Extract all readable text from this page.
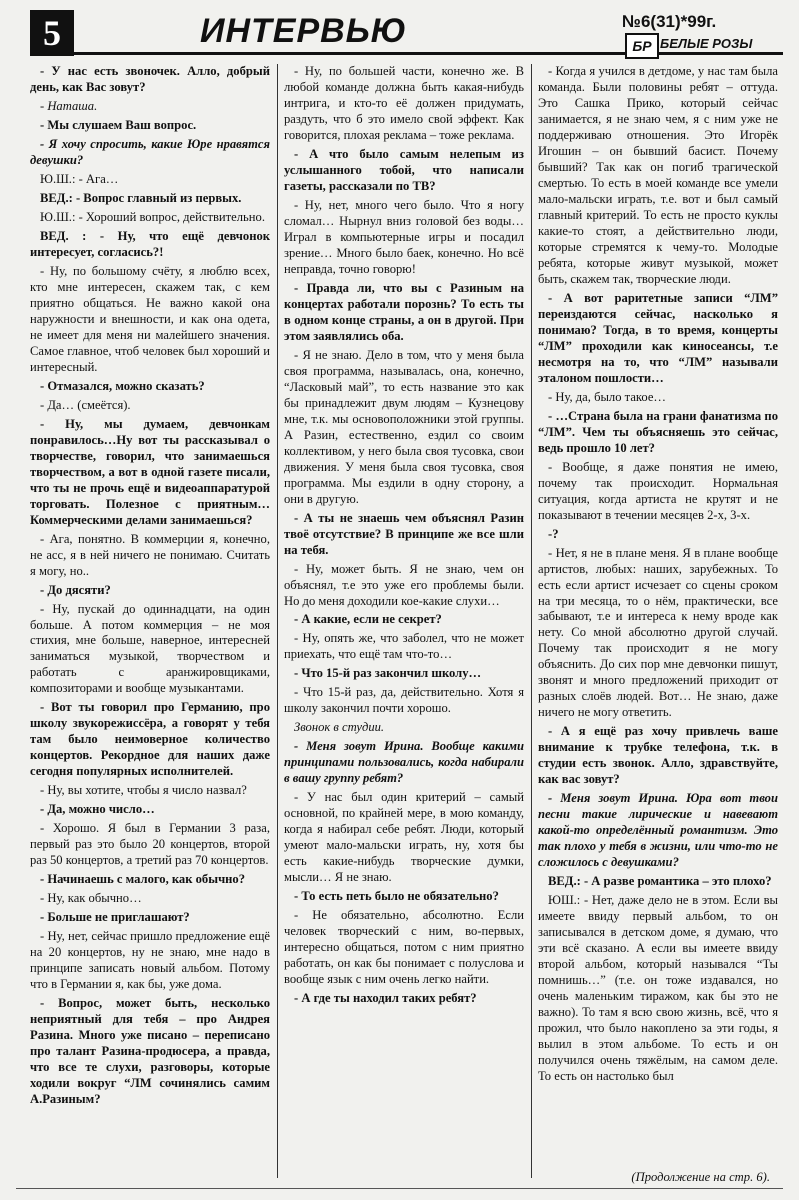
5	ИНТЕРВЬЮ	№6(31)*99г.
БР БЕЛЫЕ РОЗЫ

- У нас есть звоночек. Алло, добрый день, как Вас зовут?

- Наташа.

- Мы слушаем Ваш вопрос.

- Я хочу спросить, какие Юре нравятся девушки?

Ю.Ш.: - Ага…

ВЕД.: - Вопрос главный из первых.

Ю.Ш.: - Хороший вопрос, действительно.

ВЕД. : - Ну, что ещё девчонок интересует, согласись?!

- Ну, по большому счёту, я люблю всех, кто мне интересен, скажем так, с кем приятно общаться. Не важно какой она наружности и внешности, и как она одета, не имеет для меня ни малейшего значения. Самое главное, чтоб человек был хороший и интересный.

- Отмазался, можно сказать?

- Да… (смеётся).

- Ну, мы думаем, девчонкам понравилось…Ну вот ты рассказывал о творчестве, говорил, что занимаешься творчеством, а вот в одной газете писали, что ты не прочь ещё и видеоаппаратурой торговать. Полезное с приятным…Коммерческими делами занимаешься?

- Ага, понятно. В коммерции я, конечно, не асс, я в ней ничего не понимаю. Считать я могу, но..

- До дясяти?

- Ну, пускай до одиннадцати, на один больше. А потом коммерция – не моя стихия, мне больше, наверное, интересней заниматься музыкой, творчеством и работать с аранжировщиками, композиторами и вообще музыкантами.

- Вот ты говорил про Германию, про школу звукорежиссёра, а говорят у тебя там было неимоверное количество концертов. Рекордное для наших даже сегодня популярных исполнителей.

- Ну, вы хотите, чтобы я число назвал?

- Да, можно число…

- Хорошо. Я был в Германии 3 раза, первый раз это было 20 концертов, второй раз 50 концертов, а третий раз 70 концертов.

- Начинаешь с малого, как обычно?

- Ну, как обычно…

- Больше не приглашают?

- Ну, нет, сейчас пришло предложение ещё на 20 концертов, ну не знаю, мне надо в принципе записать новый альбом. Потому что в Германии я, как бы, уже дома.

- Вопрос, может быть, несколько неприятный для тебя – про Андрея Разина. Много уже писано – переписано про талант Разина-продюсера, а правда, что все те слухи, разговоры, которые ходили вокруг “ЛМ сочинялись самим А.Разиным?

- Ну, по большей части, конечно же. В любой команде должна быть какая-нибудь интрига, и кто-то её должен придумать, раздуть, что б это имело свой эффект. Как говорится, плохая реклама – тоже реклама.

- А что было самым нелепым из услышанного тобой, что написали газеты, рассказали по ТВ?

- Ну, нет, много чего было. Что я ногу сломал… Нырнул вниз головой без воды… Играл в компьютерные игры и посадил зрение… Много было баек, конечно. Но всё неправда, точно говорю!

- Правда ли, что вы с Разиным на концертах работали порознь? То есть ты в одном конце страны, а он в другой. При этом заявлялись оба.

- Я не знаю. Дело в том, что у меня была своя программа, называлась, она, конечно, “Ласковый май”, то есть название это как бы принадлежит двум людям – Кузнецову мне, т.к. мы основоположники этой группы. А Разин, естественно, ездил со своим коллективом, у него была своя тусовка, свои движения. У меня была своя тусовка, своя программа. Мы ездили в одну сторону, а они в другую.

- А ты не знаешь чем объяснял Разин твоё отсутствие? В принципе же все шли на тебя.

- Ну, может быть. Я не знаю, чем он объяснял, т.е это уже его проблемы были. Но до меня доходили кое-какие слухи…

- А какие, если не секрет?

- Ну, опять же, что заболел, что не может приехать, что ещё там что-то…

- Что 15-й раз закончил школу…

- Что 15-й раз, да, действительно. Хотя я школу закончил почти хорошо.

Звонок в студии.

- Меня зовут Ирина. Вообще какими принципами пользовались, когда набирали в вашу группу ребят?

- У нас был один критерий – самый основной, по крайней мере, в мою команду, когда я набирал себе ребят. Люди, который умеют мало-мальски играть, ну, хотя бы есть какие-нибудь творческие думки, мысли… Я не знаю.

- То есть петь было не обязательно?

- Не обязательно, абсолютно. Если человек творческий с ним, во-первых, интересно общаться, потом с ним приятно работать, он как бы понимает с полуслова и вообще язык с ним очень легко найти.

- А где ты находил таких ребят?

- Когда я учился в детдоме, у нас там была команда. Были половины ребят – оттуда. Это Сашка Прико, который сейчас занимается, я не знаю чем, я с ним уже не поддерживаю отношения. Это Игорёк Игошин – он бывший басист. Почему бывший? Так как он погиб трагической смертью. То есть в моей команде все умели мало-мальски играть, т.е. вот и был самый главный критерий. То есть не просто куклы какие-то стоят, а действительно люди, которые стремятся к чему-то. Молодые ребята, которые живут музыкой, может быть, скажем так, творческие люди.

- А вот раритетные записи “ЛМ” переиздаются сейчас, насколько я понимаю? Тогда, в то время, концерты “ЛМ” проходили как киносеансы, т.е несмотря на то, что “ЛМ” называли эталоном пошлости…

- Ну, да, было такое…

- …Страна была на грани фанатизма по “ЛМ”. Чем ты объясняешь это сейчас, ведь прошло 10 лет?

- Вообще, я даже понятия не имею, почему так происходит. Нормальная ситуация, когда артиста не крутят и не показывают в течении месяцев 2-х, 3-х.

-?

- Нет, я не в плане меня. Я в плане вообще артистов, любых: наших, зарубежных. То есть если артист исчезает со сцены сроком на три месяца, то о нём, практически, все забывают, т.е и интереса к нему вроде как нету. Со мной абсолютно другой случай. Почему так происходит я не могу объяснить. До сих пор мне девчонки пишут, звонят и много предложений приходит от разных слоёв людей. Вот… Не знаю, даже ничего не могу ответить.

- А я ещё раз хочу привлечь ваше внимание к трубке телефона, т.к. в студии есть звонок. Алло, здравствуйте, как вас зовут?

- Меня зовут Ирина. Юра вот твои песни такие лирические и навевают какой-то определённый романтизм. Это так плохо у тебя в жизни, или что-то не сложилось с девушками?

ВЕД.: - А разве романтика – это плохо?

ЮШ.: - Нет, даже дело не в этом. Если вы имеете ввиду первый альбом, то он записывался в детском доме, я думаю, что эти всё сказано. А если вы имеете ввиду второй альбом, который назывался “Ты помнишь…” (т.е. он тоже издавался, но очень маленьким тиражом, как бы это не важно). То там я всю свою жизнь, всё, что я прожил, что было накоплено за эти годы, я вылил в этом альбоме. То есть и он получился очень тяжёлым, на самом деле. То есть он настолько был

(Продолжение на стр. 6).
